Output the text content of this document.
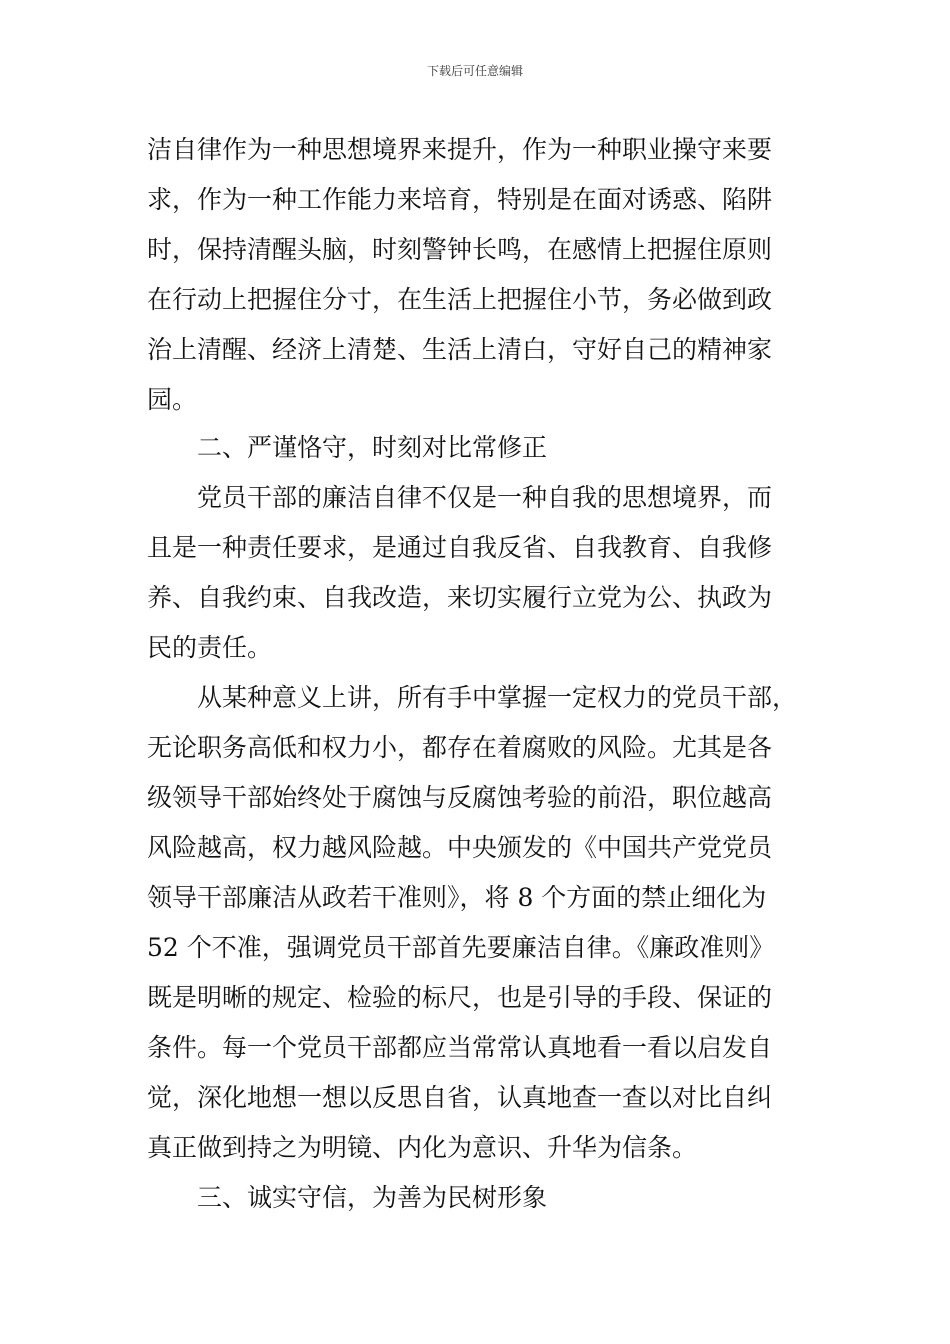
下载后可任意编辑
洁自律作为一种思想境界来提升，作为一种职业操守来要
求，作为一种工作能力来培育，特别是在面对诱惑、陷阱
时，保持清醒头脑，时刻警钟长鸣，在感情上把握住原则
在行动上把握住分寸，在生活上把握住小节，务必做到政
治上清醒、经济上清楚、生活上清白，守好自己的精神家
园。
二、严谨恪守，时刻对比常修正
党员干部的廉洁自律不仅是一种自我的思想境界，而
且是一种责任要求，是通过自我反省、自我教育、自我修
养、自我约束、自我改造，来切实履行立党为公、执政为
民的责任。
从某种意义上讲，所有手中掌握一定权力的党员干部，
无论职务高低和权力小，都存在着腐败的风险。尤其是各
级领导干部始终处于腐蚀与反腐蚀考验的前沿，职位越高
风险越高，权力越风险越。中央颁发的《中国共产党党员
领导干部廉洁从政若干准则》，将 8 个方面的禁止细化为
52 个不准，强调党员干部首先要廉洁自律。《廉政准则》
既是明晰的规定、检验的标尺，也是引导的手段、保证的
条件。每一个党员干部都应当常常认真地看一看以启发自
觉，深化地想一想以反思自省，认真地查一查以对比自纠
真正做到持之为明镜、内化为意识、升华为信条。
三、诚实守信，为善为民树形象
